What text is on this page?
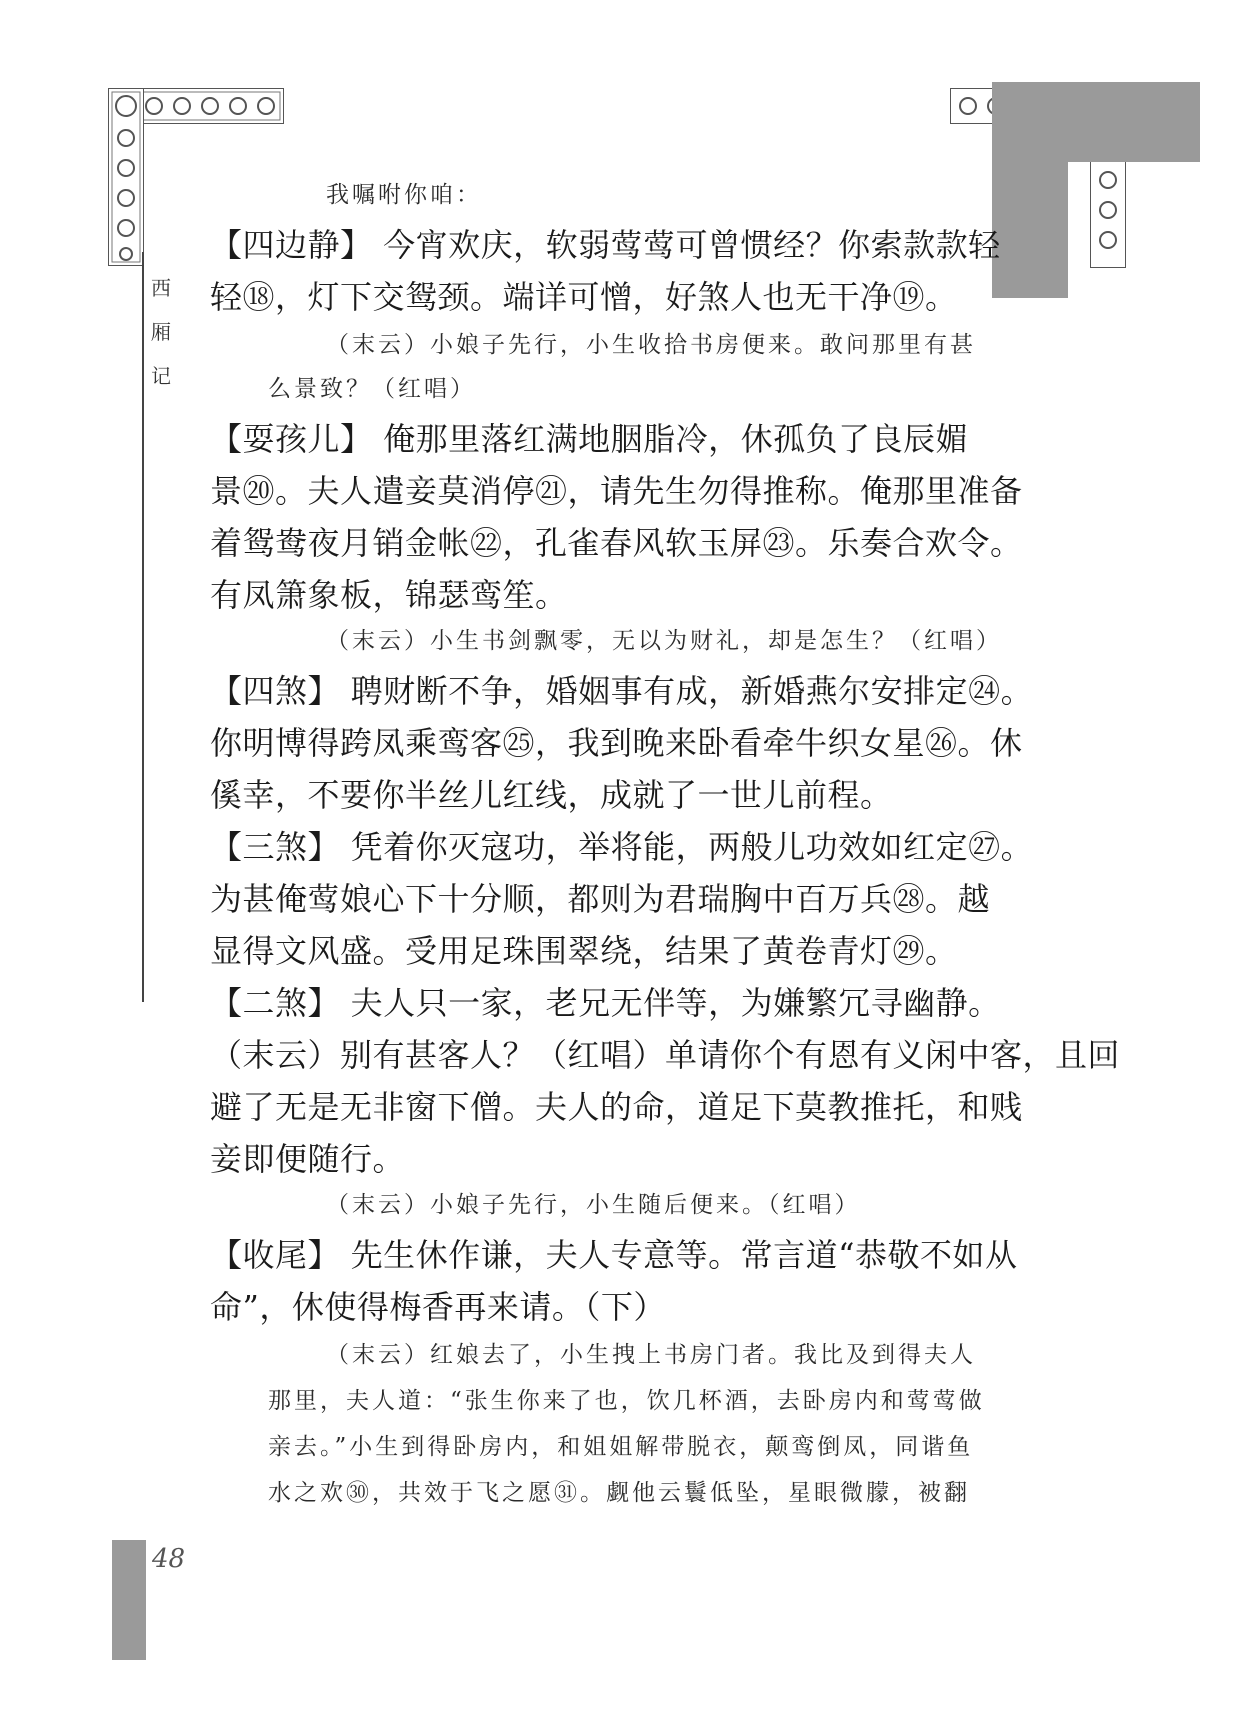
西
厢
记
我嘱咐你咱：
【四边静】 今宵欢庆，软弱莺莺可曾惯经？你索款款轻
轻⑱，灯下交鸳颈。端详可憎，好煞人也无干净⑲。
（末云）小娘子先行，小生收拾书房便来。敢问那里有甚
么景致？（红唱）
【耍孩儿】 俺那里落红满地胭脂冷，休孤负了良辰媚
景⑳。夫人遣妾莫消停㉑，请先生勿得推称。俺那里准备
着鸳鸯夜月销金帐㉒，孔雀春风软玉屏㉓。乐奏合欢令。
有凤箫象板，锦瑟鸾笙。
（末云）小生书剑飘零，无以为财礼，却是怎生？（红唱）
【四煞】 聘财断不争，婚姻事有成，新婚燕尔安排定㉔。
你明博得跨凤乘鸾客㉕，我到晚来卧看牵牛织女星㉖。休
傒幸，不要你半丝儿红线，成就了一世儿前程。
【三煞】 凭着你灭寇功，举将能，两般儿功效如红定㉗。
为甚俺莺娘心下十分顺，都则为君瑞胸中百万兵㉘。越
显得文风盛。受用足珠围翠绕，结果了黄卷青灯㉙。
【二煞】 夫人只一家，老兄无伴等，为嫌繁冗寻幽静。
（末云）别有甚客人？（红唱）单请你个有恩有义闲中客，且回
避了无是无非窗下僧。夫人的命，道足下莫教推托，和贱
妾即便随行。
（末云）小娘子先行，小生随后便来。（红唱）
【收尾】 先生休作谦，夫人专意等。常言道“恭敬不如从
命”，休使得梅香再来请。（下）
（末云）红娘去了，小生拽上书房门者。我比及到得夫人
那里，夫人道：“张生你来了也，饮几杯酒，去卧房内和莺莺做
亲去。”小生到得卧房内，和姐姐解带脱衣，颠鸾倒凤，同谐鱼
水之欢㉚，共效于飞之愿㉛。觑他云鬟低坠，星眼微朦，被翻
48
